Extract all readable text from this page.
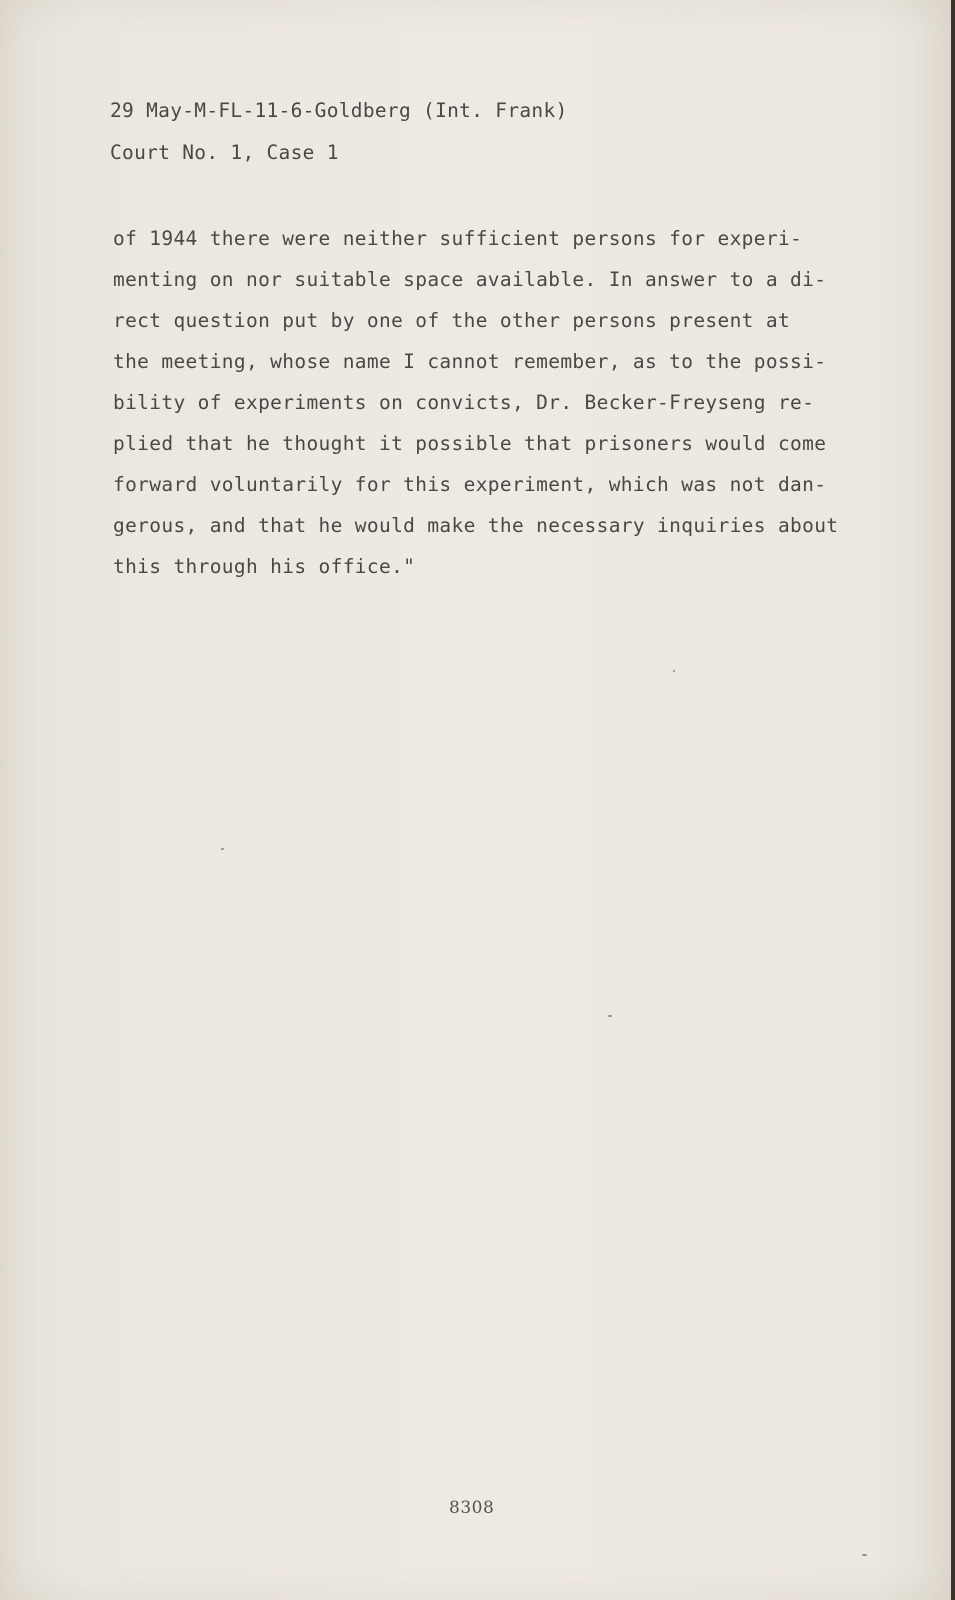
29 May-M-FL-11-6-Goldberg (Int. Frank)
Court No. 1, Case 1
of 1944 there were neither sufficient persons for experi-
menting on nor suitable space available. In answer to a di-
rect question put by one of the other persons present at
the meeting, whose name I cannot remember, as to the possi-
bility of experiments on convicts, Dr. Becker-Freyseng re-
plied that he thought it possible that prisoners would come
forward voluntarily for this experiment, which was not dan-
gerous, and that he would make the necessary inquiries about
this through his office."
8308
